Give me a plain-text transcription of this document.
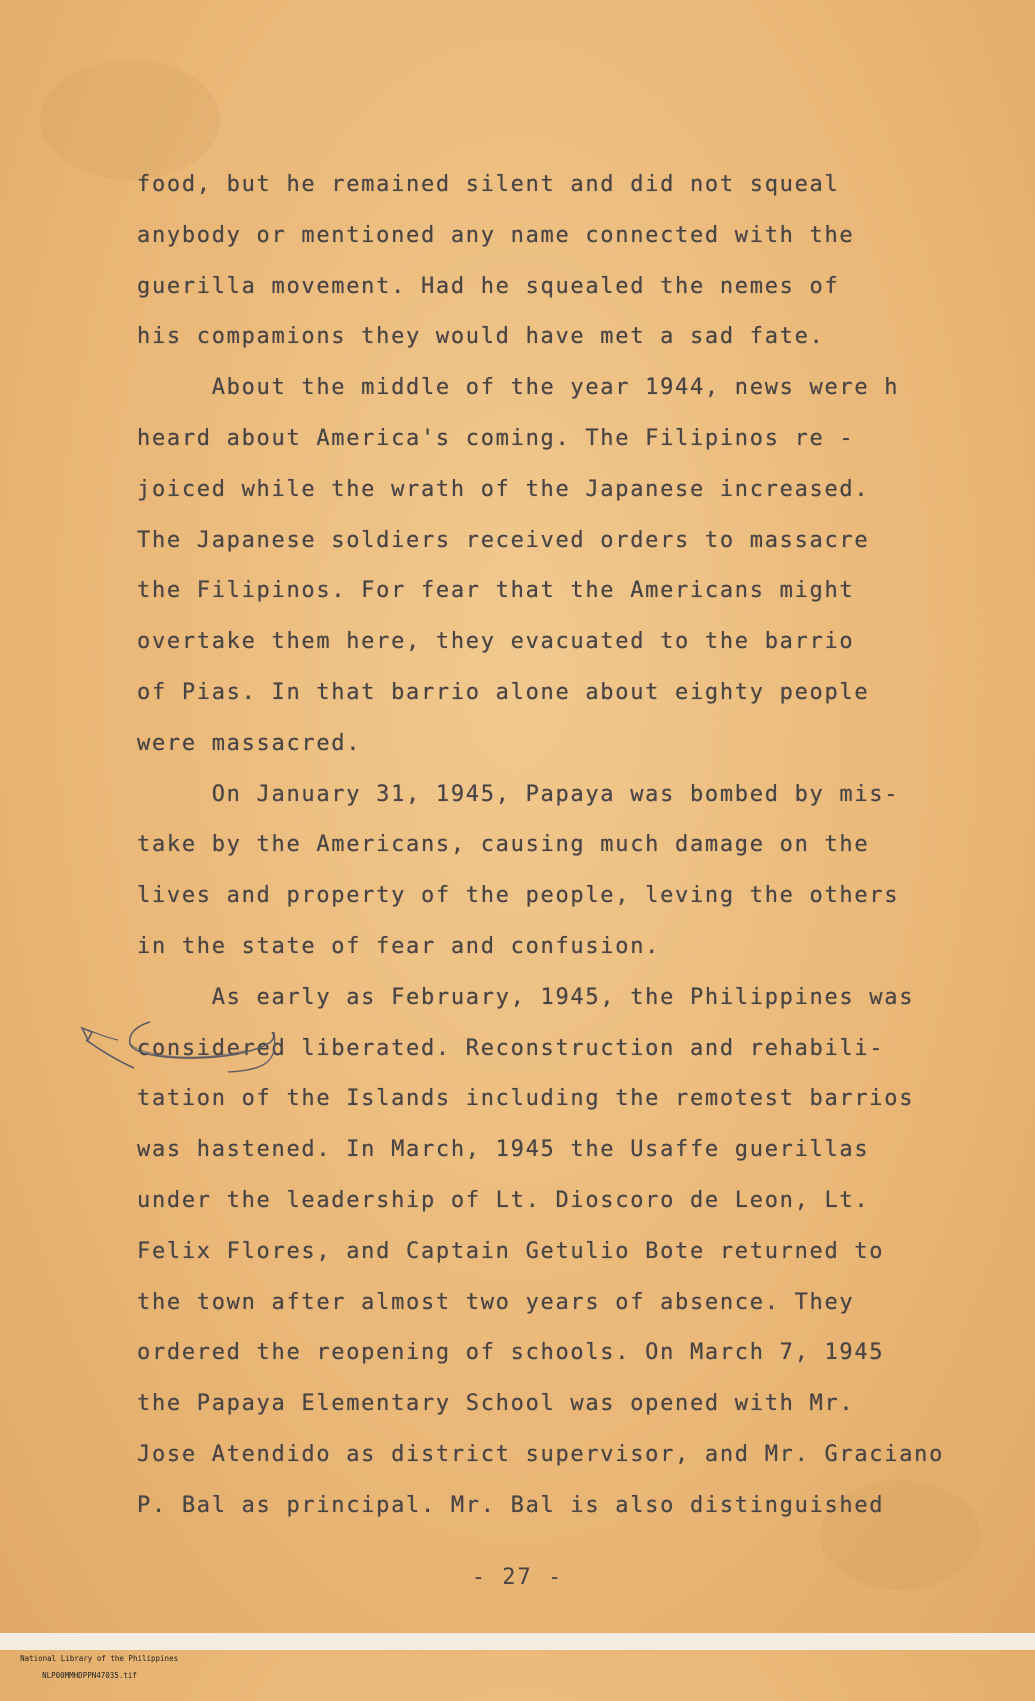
food, but he remained silent and did not squeal
anybody or mentioned any name connected with the
guerilla movement. Had he squealed the nemes of
his compamions they would have met a sad fate.
About the middle of the year 1944, news were h
heard about America's coming. The Filipinos re -
joiced while the wrath of the Japanese increased.
The Japanese soldiers received orders to massacre
the Filipinos. For fear that the Americans might
overtake them here, they evacuated to the barrio
of Pias. In that barrio alone about eighty people
were massacred.
On January 31, 1945, Papaya was bombed by mis-
take by the Americans, causing much damage on the
lives and property of the people, leving the others
in the state of fear and confusion.
As early as February, 1945, the Philippines was
considered liberated. Reconstruction and rehabili-
tation of the Islands including the remotest barrios
was hastened. In March, 1945 the Usaffe guerillas
under the leadership of Lt. Dioscoro de Leon, Lt.
Felix Flores, and Captain Getulio Bote returned to
the town after almost two years of absence. They
ordered the reopening of schools. On March 7, 1945
the Papaya Elementary School was opened with Mr.
Jose Atendido as district supervisor, and Mr. Graciano
P. Bal as principal. Mr. Bal is also distinguished
- 27 -

National Library of the Philippines
NLP00MMHDPPN47035.tif
